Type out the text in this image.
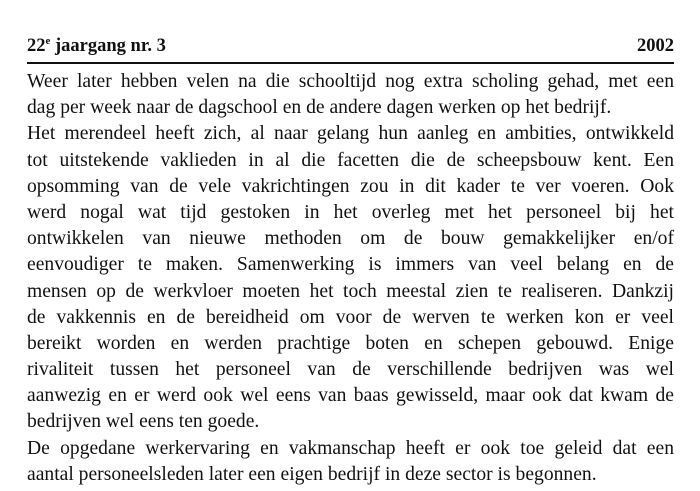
22e jaargang nr. 3	2002

Weer later hebben velen na die schooltijd nog extra scholing gehad, met een
dag per week naar de dagschool en de andere dagen werken op het bedrijf.

Het merendeel heeft zich, al naar gelang hun aanleg en ambities, ontwikkeld
tot uitstekende vaklieden in al die facetten die de scheepsbouw kent. Een
opsomming van de vele vakrichtingen zou in dit kader te ver voeren. Ook
werd nogal wat tijd gestoken in het overleg met het personeel bij het
ontwikkelen van nieuwe methoden om de bouw gemakkelijker en/of
eenvoudiger te maken. Samenwerking is immers van veel belang en de
mensen op de werkvloer moeten het toch meestal zien te realiseren. Dankzij
de vakkennis en de bereidheid om voor de werven te werken kon er veel
bereikt worden en werden prachtige boten en schepen gebouwd. Enige
rivaliteit tussen het personeel van de verschillende bedrijven was wel
aanwezig en er werd ook wel eens van baas gewisseld, maar ook dat kwam de
bedrijven wel eens ten goede.

De opgedane werkervaring en vakmanschap heeft er ook toe geleid dat een
aantal personeelsleden later een eigen bedrijf in deze sector is begonnen.
